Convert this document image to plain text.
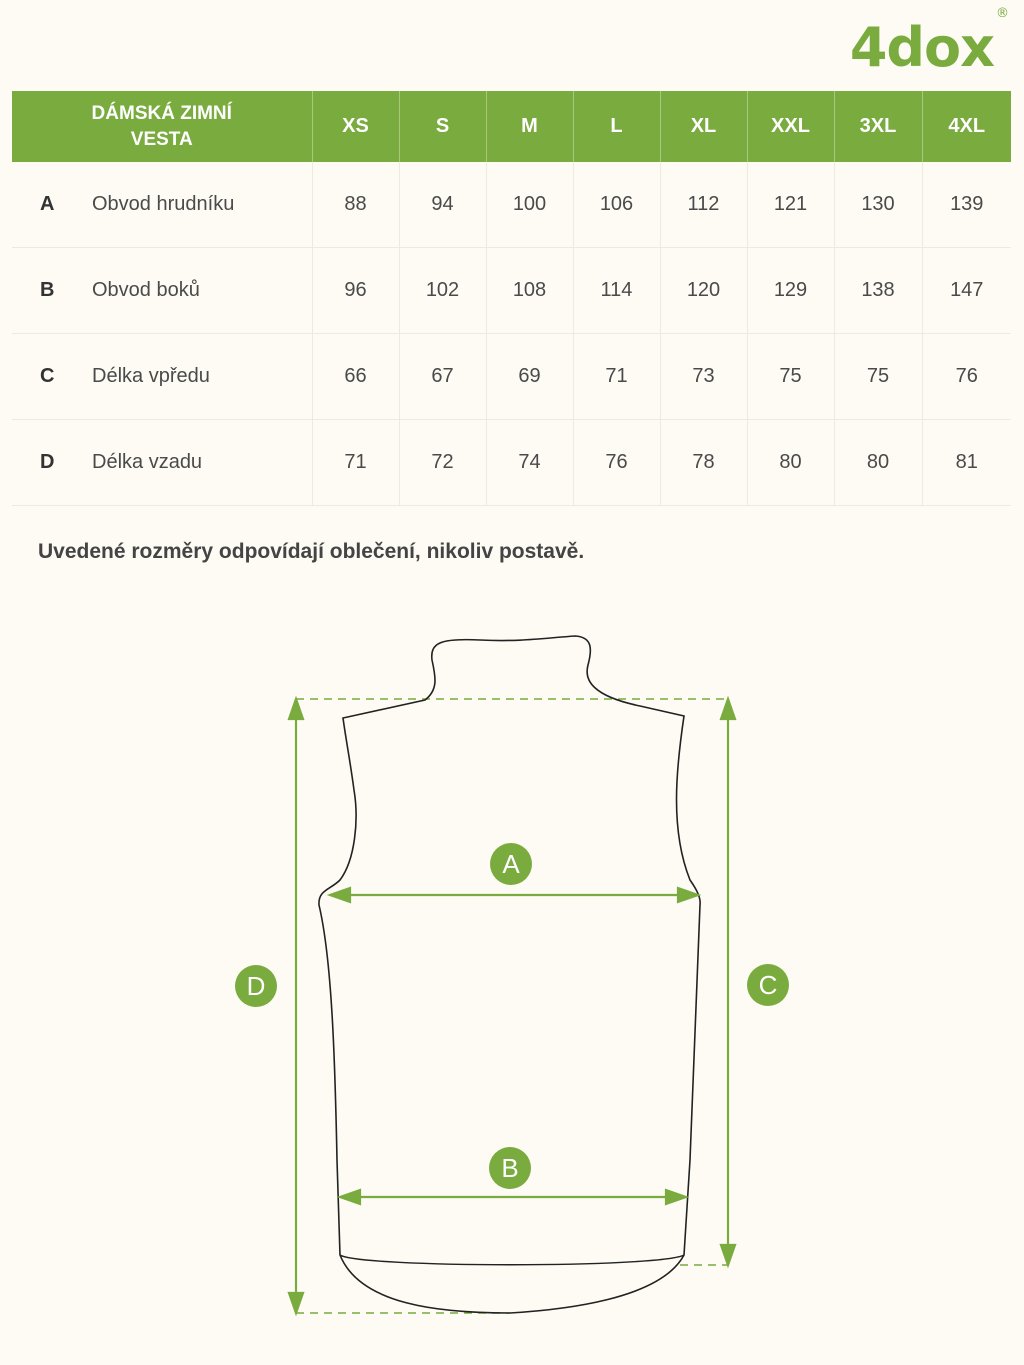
4dox®
DÁMSKÁ ZIMNÍ
VESTA	XS	S	M	L	XL	XXL	3XL	4XL
A Obvod hrudníku	88	94	100	106	112	121	130	139
B Obvod boků	96	102	108	114	120	129	138	147
C Délka vpředu	66	67	69	71	73	75	75	76
D Délka vzadu	71	72	74	76	78	80	80	81
Uvedené rozměry odpovídají oblečení, nikoliv postavě.
A
B
C
D
